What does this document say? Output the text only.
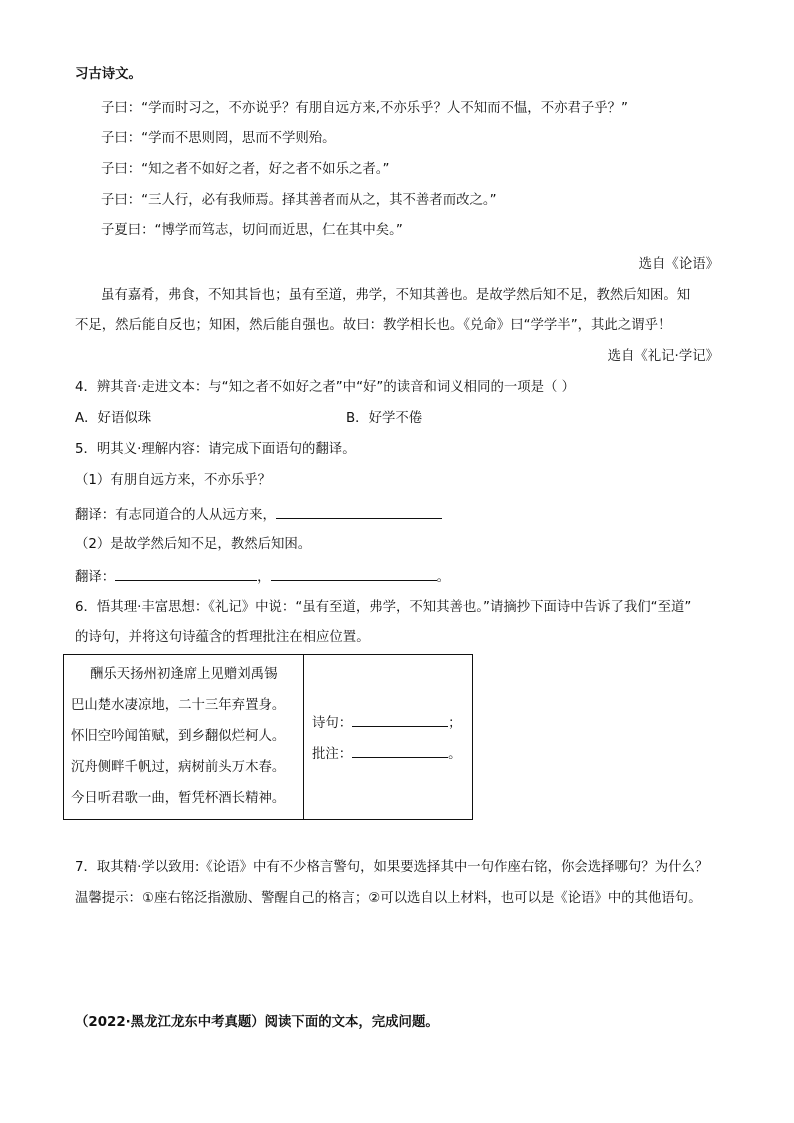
习古诗文。
子曰：“学而时习之，不亦说乎？有朋自远方来,不亦乐乎？人不知而不愠，不亦君子乎？”
子曰：“学而不思则罔，思而不学则殆。
子曰：“知之者不如好之者，好之者不如乐之者。”
子曰：“三人行，必有我师焉。择其善者而从之，其不善者而改之。”
子夏曰：“博学而笃志，切问而近思，仁在其中矣。”
选自《论语》
虽有嘉肴，弗食，不知其旨也；虽有至道，弗学，不知其善也。是故学然后知不足，教然后知困。知
不足，然后能自反也；知困，然后能自强也。故曰：教学相长也。《兑命》曰“学学半”，其此之谓乎！
选自《礼记·学记》
4．辨其音·走进文本：与“知之者不如好之者”中“好”的读音和词义相同的一项是（ ）
A．好语似珠	B．好学不倦
5．明其义·理解内容：请完成下面语句的翻译。
（1）有朋自远方来，不亦乐乎？
翻译：有志同道合的人从远方来，
（2）是故学然后知不足，教然后知困。
翻译：	，	。
6．悟其理·丰富思想：《礼记》中说：“虽有至道，弗学，不知其善也。”请摘抄下面诗中告诉了我们“至道”
的诗句，并将这句诗蕴含的哲理批注在相应位置。
酬乐天扬州初逢席上见赠刘禹锡
巴山楚水凄凉地，二十三年弃置身。
怀旧空吟闻笛赋，到乡翻似烂柯人。
沉舟侧畔千帆过，病树前头万木春。
今日听君歌一曲，暂凭杯酒长精神。
诗句：	；
批注：	。
7．取其精·学以致用:《论语》中有不少格言警句，如果要选择其中一句作座右铭，你会选择哪句？为什么？
温馨提示：①座右铭泛指激励、警醒自己的格言；②可以选自以上材料，也可以是《论语》中的其他语句。
（2022·黑龙江龙东中考真题）阅读下面的文本，完成问题。
